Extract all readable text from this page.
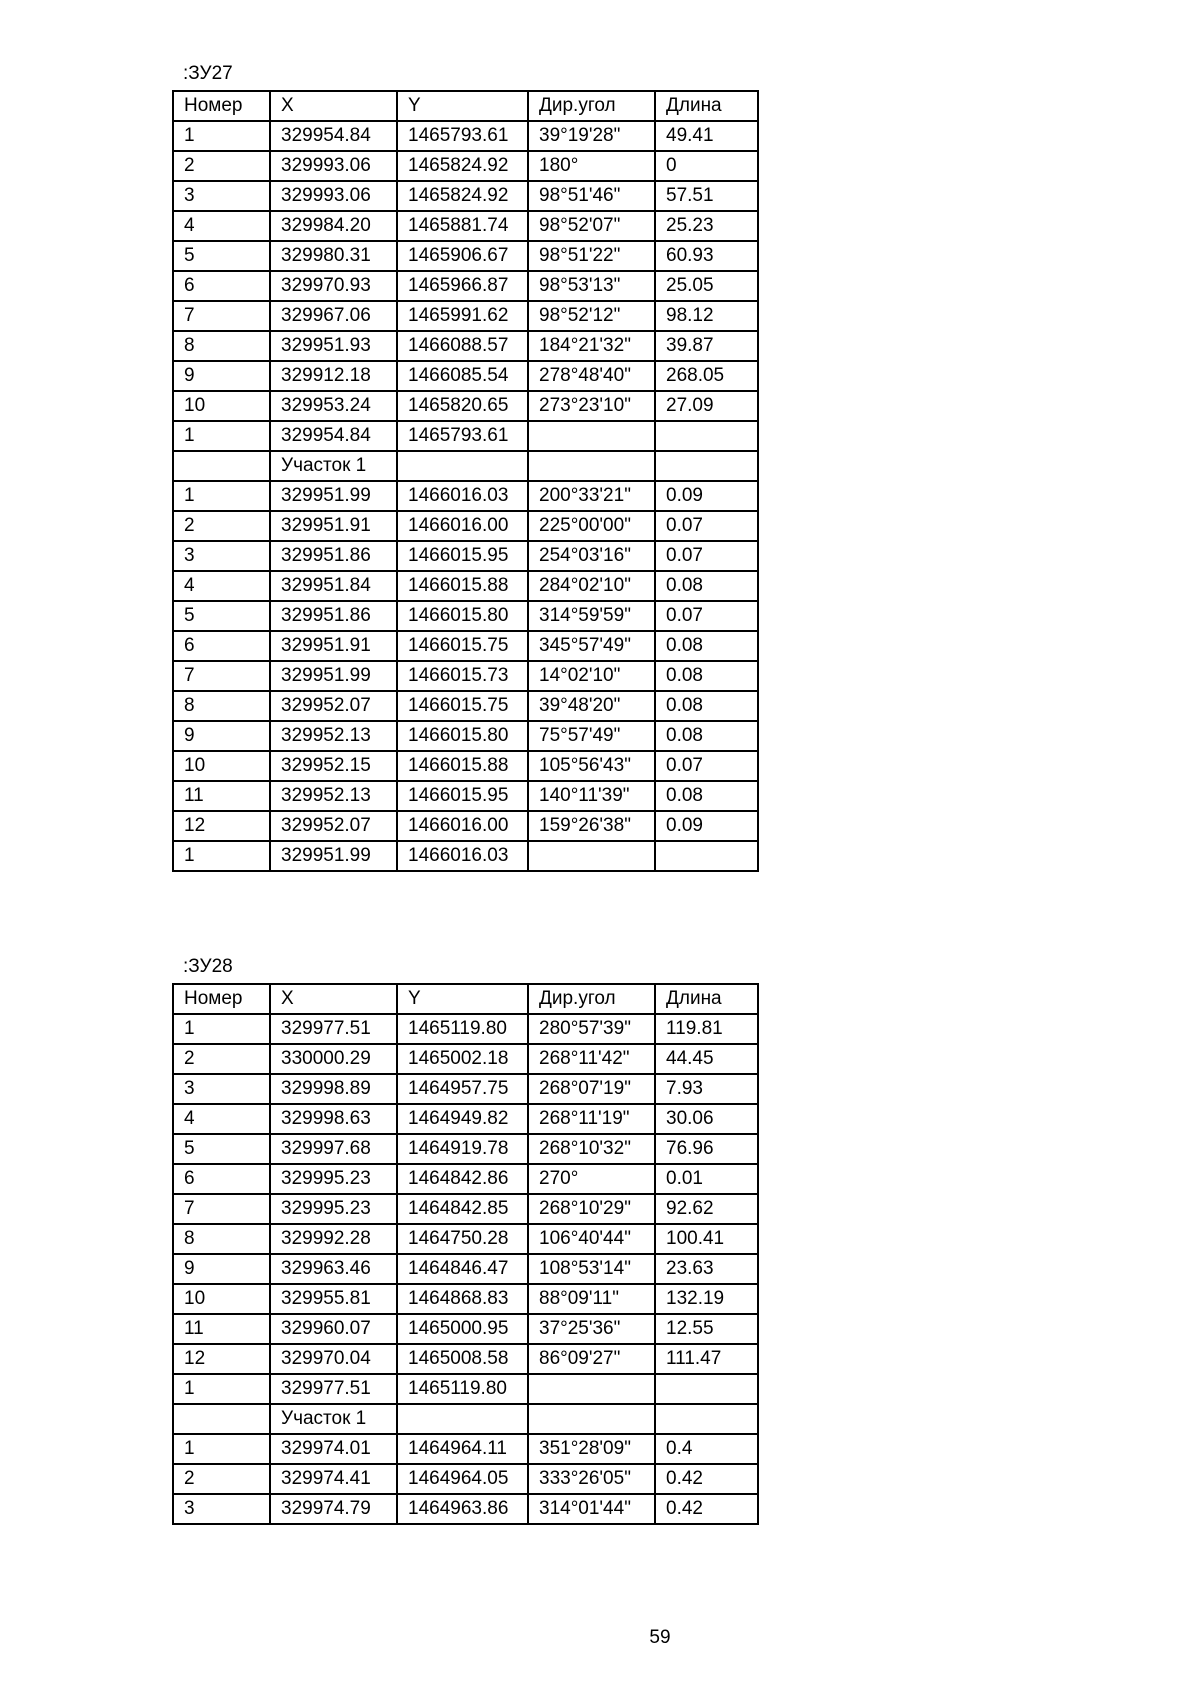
:ЗУ27
Номер	X	Y	Дир.угол	Длина
1	329954.84	1465793.61	39°19'28"	49.41
2	329993.06	1465824.92	180°	0
3	329993.06	1465824.92	98°51'46"	57.51
4	329984.20	1465881.74	98°52'07"	25.23
5	329980.31	1465906.67	98°51'22"	60.93
6	329970.93	1465966.87	98°53'13"	25.05
7	329967.06	1465991.62	98°52'12"	98.12
8	329951.93	1466088.57	184°21'32"	39.87
9	329912.18	1466085.54	278°48'40"	268.05
10	329953.24	1465820.65	273°23'10"	27.09
1	329954.84	1465793.61		
	Участок 1			
1	329951.99	1466016.03	200°33'21"	0.09
2	329951.91	1466016.00	225°00'00"	0.07
3	329951.86	1466015.95	254°03'16"	0.07
4	329951.84	1466015.88	284°02'10"	0.08
5	329951.86	1466015.80	314°59'59"	0.07
6	329951.91	1466015.75	345°57'49"	0.08
7	329951.99	1466015.73	14°02'10"	0.08
8	329952.07	1466015.75	39°48'20"	0.08
9	329952.13	1466015.80	75°57'49"	0.08
10	329952.15	1466015.88	105°56'43"	0.07
11	329952.13	1466015.95	140°11'39"	0.08
12	329952.07	1466016.00	159°26'38"	0.09
1	329951.99	1466016.03		
:ЗУ28
Номер	X	Y	Дир.угол	Длина
1	329977.51	1465119.80	280°57'39"	119.81
2	330000.29	1465002.18	268°11'42"	44.45
3	329998.89	1464957.75	268°07'19"	7.93
4	329998.63	1464949.82	268°11'19"	30.06
5	329997.68	1464919.78	268°10'32"	76.96
6	329995.23	1464842.86	270°	0.01
7	329995.23	1464842.85	268°10'29"	92.62
8	329992.28	1464750.28	106°40'44"	100.41
9	329963.46	1464846.47	108°53'14"	23.63
10	329955.81	1464868.83	88°09'11"	132.19
11	329960.07	1465000.95	37°25'36"	12.55
12	329970.04	1465008.58	86°09'27"	111.47
1	329977.51	1465119.80		
	Участок 1			
1	329974.01	1464964.11	351°28'09"	0.4
2	329974.41	1464964.05	333°26'05"	0.42
3	329974.79	1464963.86	314°01'44"	0.42
59
